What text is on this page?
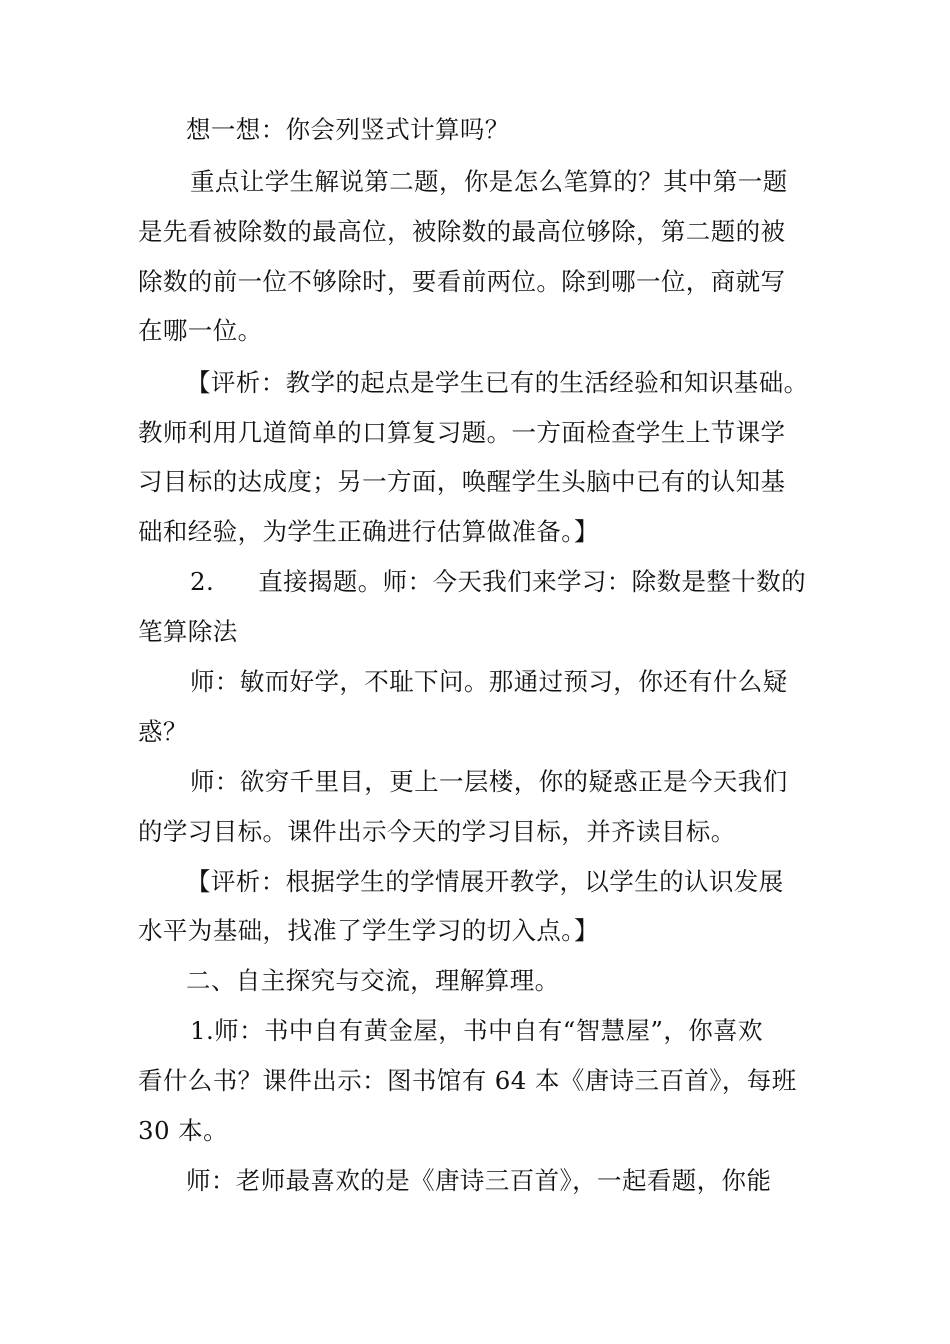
想一想：你会列竖式计算吗？
重点让学生解说第二题，你是怎么笔算的？其中第一题
是先看被除数的最高位，被除数的最高位够除，第二题的被
除数的前一位不够除时，要看前两位。除到哪一位，商就写
在哪一位。
【评析：教学的起点是学生已有的生活经验和知识基础。
教师利用几道简单的口算复习题。一方面检查学生上节课学
习目标的达成度；另一方面，唤醒学生头脑中已有的认知基
础和经验，为学生正确进行估算做准备。】
2. 直接揭题。师：今天我们来学习：除数是整十数的
笔算除法
师：敏而好学，不耻下问。那通过预习，你还有什么疑
惑？
师：欲穷千里目，更上一层楼，你的疑惑正是今天我们
的学习目标。课件出示今天的学习目标，并齐读目标。
【评析：根据学生的学情展开教学，以学生的认识发展
水平为基础，找准了学生学习的切入点。】
二、自主探究与交流，理解算理。
1.师：书中自有黄金屋，书中自有“智慧屋”，你喜欢
看什么书？课件出示：图书馆有 64 本《唐诗三百首》，每班
30 本。
师：老师最喜欢的是《唐诗三百首》，一起看题，你能
